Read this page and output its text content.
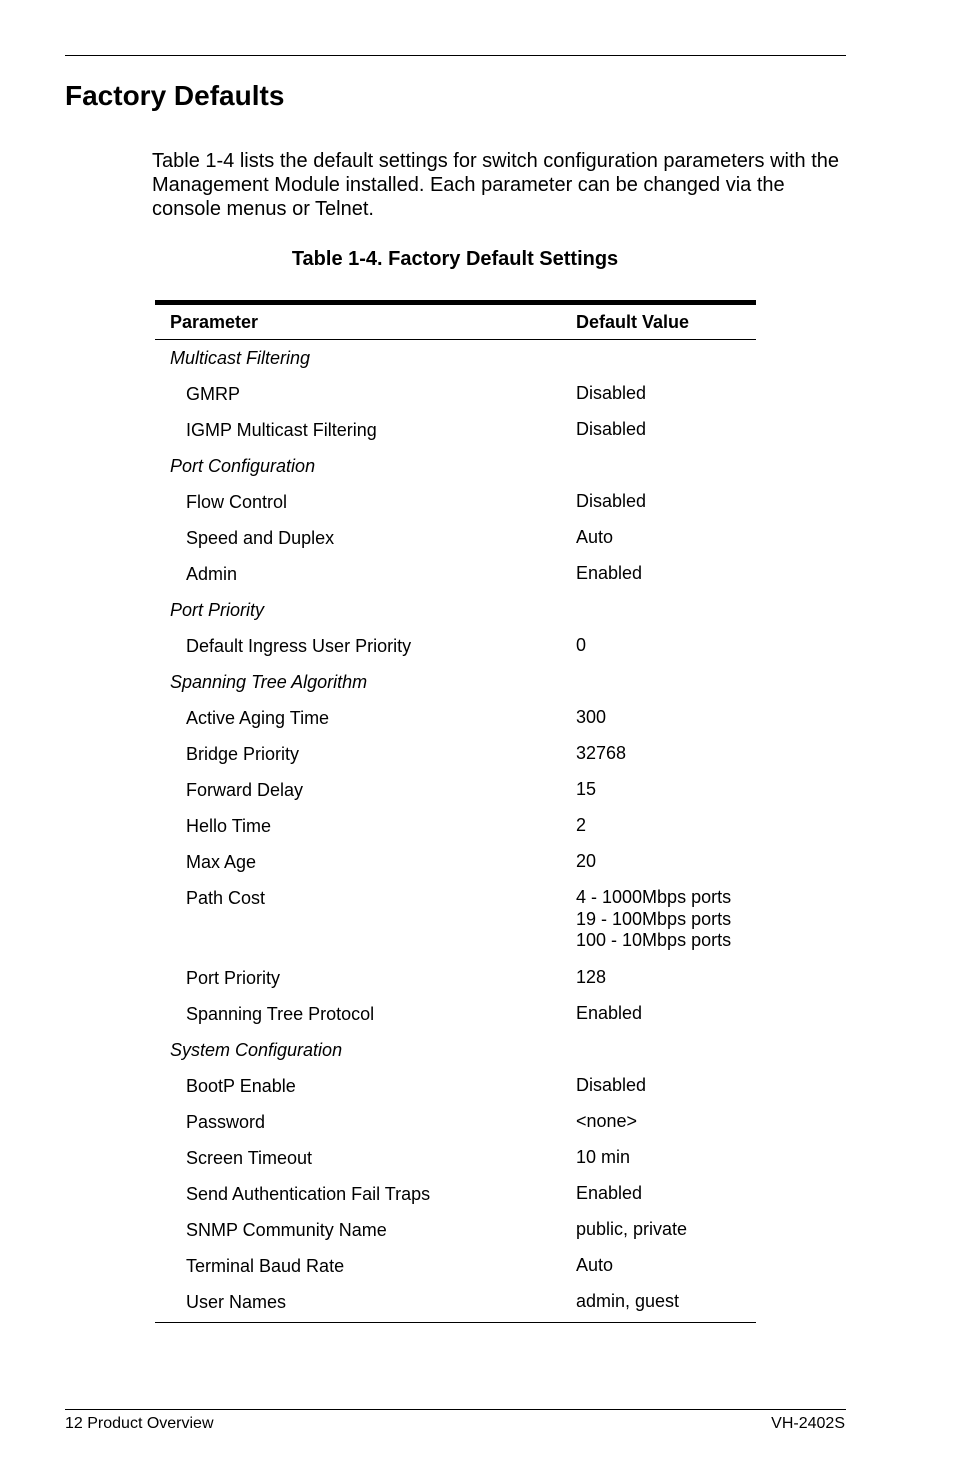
Factory Defaults

Table 1-4 lists the default settings for switch configuration parameters with the Management Module installed. Each parameter can be changed via the console menus or Telnet.

Table 1-4. Factory Default Settings
Parameter	Default Value
Multicast Filtering
GMRP	Disabled
IGMP Multicast Filtering	Disabled
Port Configuration
Flow Control	Disabled
Speed and Duplex	Auto
Admin	Enabled
Port Priority
Default Ingress User Priority	0
Spanning Tree Algorithm
Active Aging Time	300
Bridge Priority	32768
Forward Delay	15
Hello Time	2
Max Age	20
Path Cost	4 - 1000Mbps ports
19 - 100Mbps ports
100 - 10Mbps ports
Port Priority	128
Spanning Tree Protocol	Enabled
System Configuration
BootP Enable	Disabled
Password	<none>
Screen Timeout	10 min
Send Authentication Fail Traps	Enabled
SNMP Community Name	public, private
Terminal Baud Rate	Auto
User Names	admin, guest
12 Product Overview	VH-2402S
